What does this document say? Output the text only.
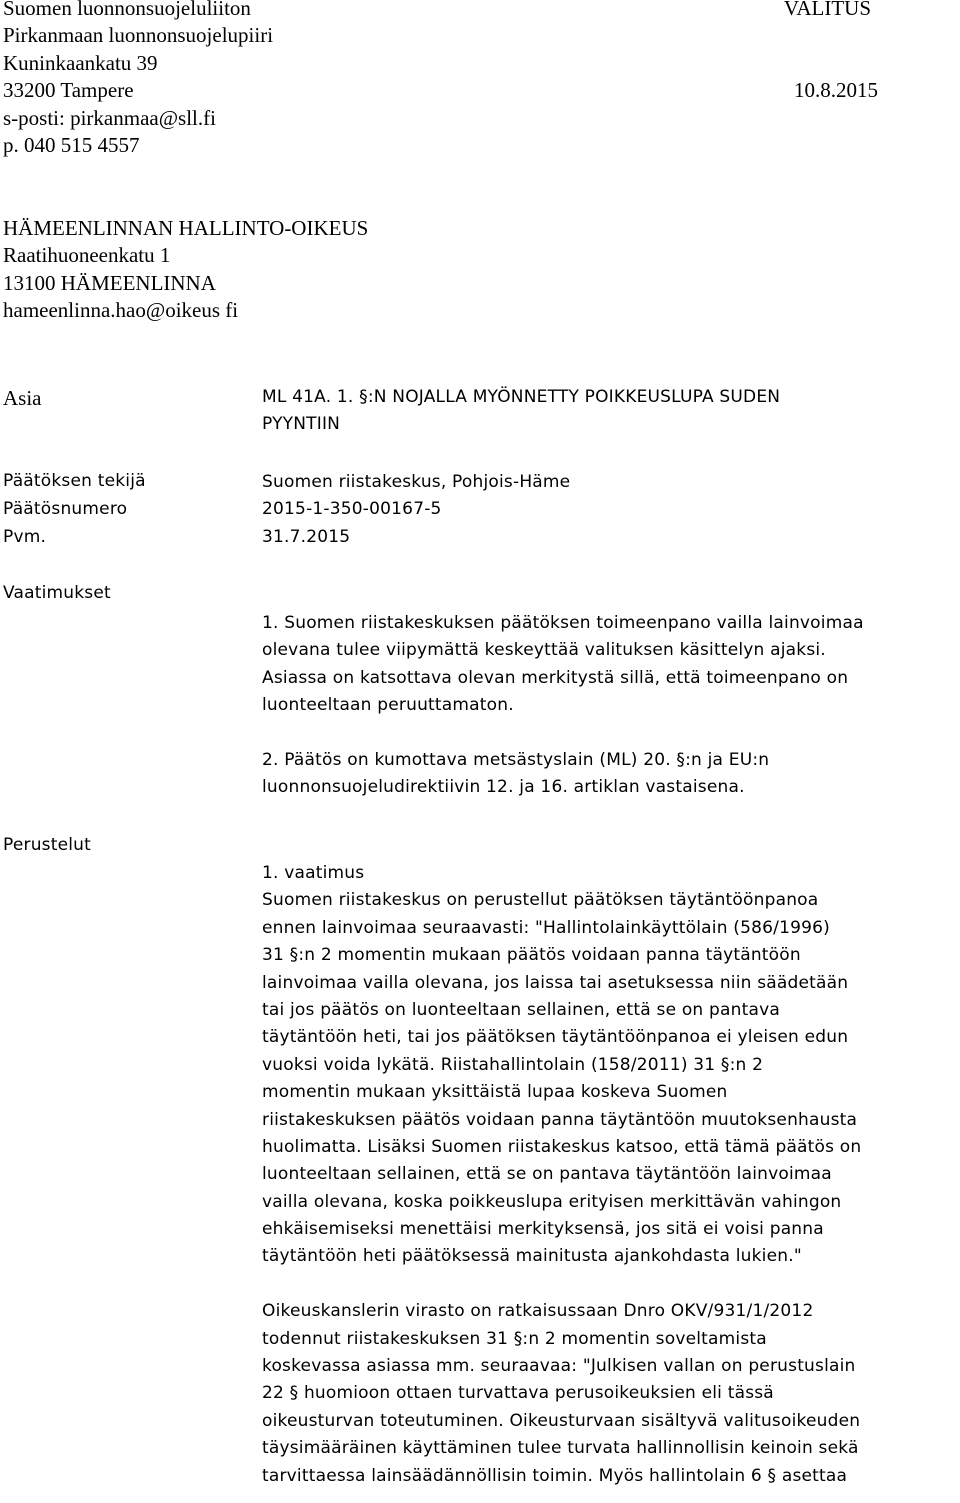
Suomen luonnonsuojeluliiton
Pirkanmaan luonnonsuojelupiiri
Kuninkaankatu 39
33200 Tampere
s-posti: pirkanmaa@sll.fi
p. 040 515 4557
VALITUS
10.8.2015
HÄMEENLINNAN HALLINTO-OIKEUS
Raatihuoneenkatu 1
13100 HÄMEENLINNA
hameenlinna.hao@oikeus fi
Asia	ML 41A. 1. §:N NOJALLA MYÖNNETTY POIKKEUSLUPA SUDEN
PYYNTIIN
Päätöksen tekijä	Suomen riistakeskus, Pohjois-Häme
Päätösnumero	2015-1-350-00167-5
Pvm.	31.7.2015
Vaatimukset
1. Suomen riistakeskuksen päätöksen toimeenpano vailla lainvoimaa
olevana tulee viipymättä keskeyttää valituksen käsittelyn ajaksi.
Asiassa on katsottava olevan merkitystä sillä, että toimeenpano on
luonteeltaan peruuttamaton.
2. Päätös on kumottava metsästyslain (ML) 20. §:n ja EU:n
luonnonsuojeludirektiivin 12. ja 16. artiklan vastaisena.
Perustelut
1. vaatimus
Suomen riistakeskus on perustellut päätöksen täytäntöönpanoa
ennen lainvoimaa seuraavasti: "Hallintolainkäyttölain (586/1996)
31 §:n 2 momentin mukaan päätös voidaan panna täytäntöön
lainvoimaa vailla olevana, jos laissa tai asetuksessa niin säädetään
tai jos päätös on luonteeltaan sellainen, että se on pantava
täytäntöön heti, tai jos päätöksen täytäntöönpanoa ei yleisen edun
vuoksi voida lykätä. Riistahallintolain (158/2011) 31 §:n 2
momentin mukaan yksittäistä lupaa koskeva Suomen
riistakeskuksen päätös voidaan panna täytäntöön muutoksenhausta
huolimatta. Lisäksi Suomen riistakeskus katsoo, että tämä päätös on
luonteeltaan sellainen, että se on pantava täytäntöön lainvoimaa
vailla olevana, koska poikkeuslupa erityisen merkittävän vahingon
ehkäisemiseksi menettäisi merkityksensä, jos sitä ei voisi panna
täytäntöön heti päätöksessä mainitusta ajankohdasta lukien."
Oikeuskanslerin virasto on ratkaisussaan Dnro OKV/931/1/2012
todennut riistakeskuksen 31 §:n 2 momentin soveltamista
koskevassa asiassa mm. seuraavaa: "Julkisen vallan on perustuslain
22 § huomioon ottaen turvattava perusoikeuksien eli tässä
oikeusturvan toteutuminen. Oikeusturvaan sisältyvä valitusoikeuden
täysimääräinen käyttäminen tulee turvata hallinnollisin keinoin sekä
tarvittaessa lainsäädännöllisin toimin. Myös hallintolain 6 § asettaa
